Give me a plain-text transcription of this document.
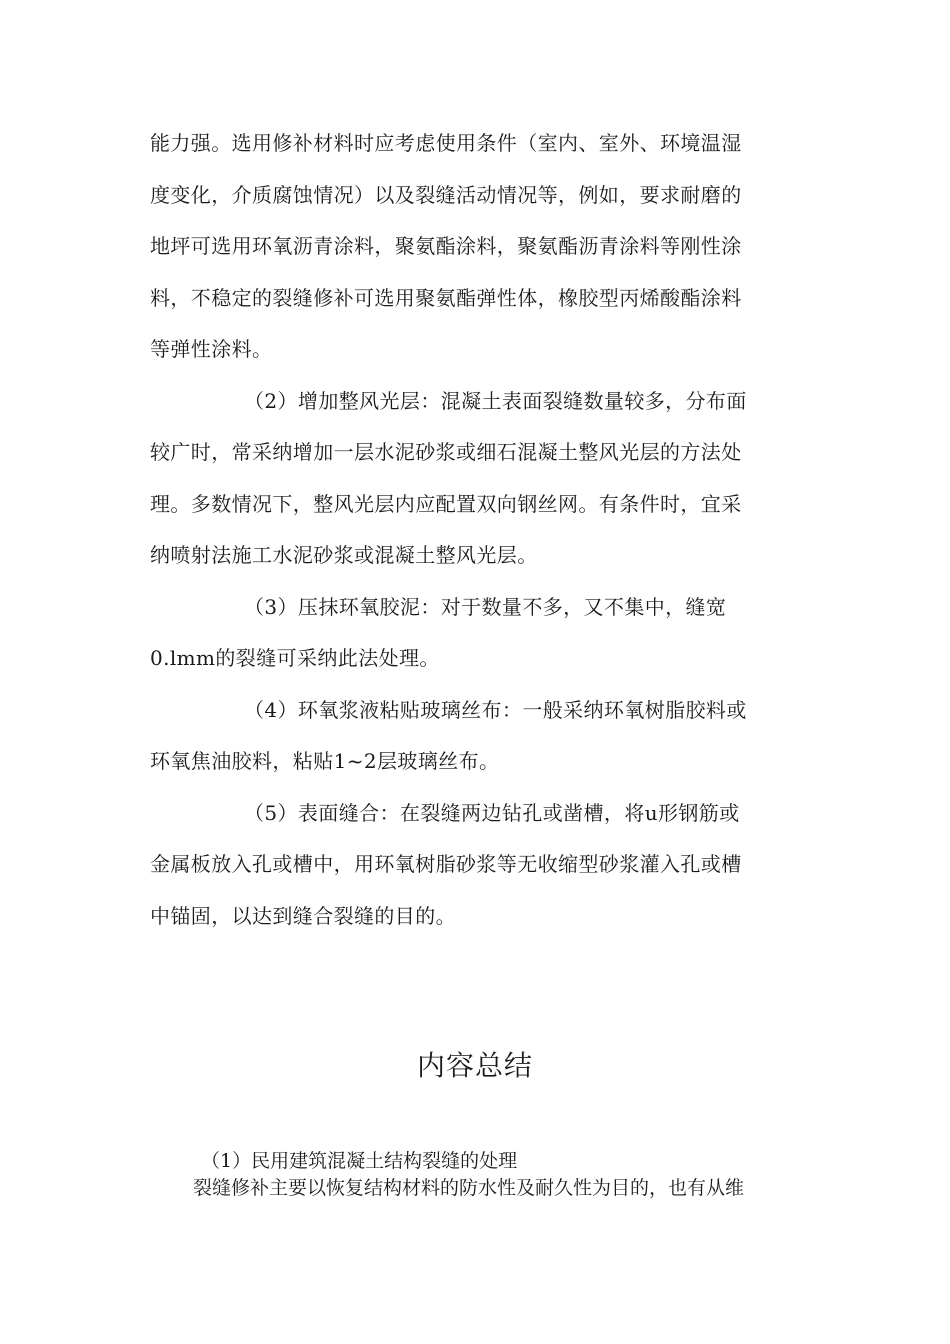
能力强。选用修补材料时应考虑使用条件（室内、室外、环境温湿
度变化，介质腐蚀情况）以及裂缝活动情况等，例如，要求耐磨的
地坪可选用环氧沥青涂料，聚氨酯涂料，聚氨酯沥青涂料等刚性涂
料，不稳定的裂缝修补可选用聚氨酯弹性体，橡胶型丙烯酸酯涂料
等弹性涂料。
（2）增加整风光层：混凝土表面裂缝数量较多，分布面
较广时，常采纳增加一层水泥砂浆或细石混凝土整风光层的方法处
理。多数情况下，整风光层内应配置双向钢丝网。有条件时，宜采
纳喷射法施工水泥砂浆或混凝土整风光层。
（3）压抹环氧胶泥：对于数量不多，又不集中，缝宽
0.lmm的裂缝可采纳此法处理。
（4）环氧浆液粘贴玻璃丝布：一般采纳环氧树脂胶料或
环氧焦油胶料，粘贴1~2层玻璃丝布。
（5）表面缝合：在裂缝两边钻孔或凿槽，将u形钢筋或
金属板放入孔或槽中，用环氧树脂砂浆等无收缩型砂浆灌入孔或槽
中锚固，以达到缝合裂缝的目的。
内容总结
（1）民用建筑混凝土结构裂缝的处理
裂缝修补主要以恢复结构材料的防水性及耐久性为目的，也有从维
